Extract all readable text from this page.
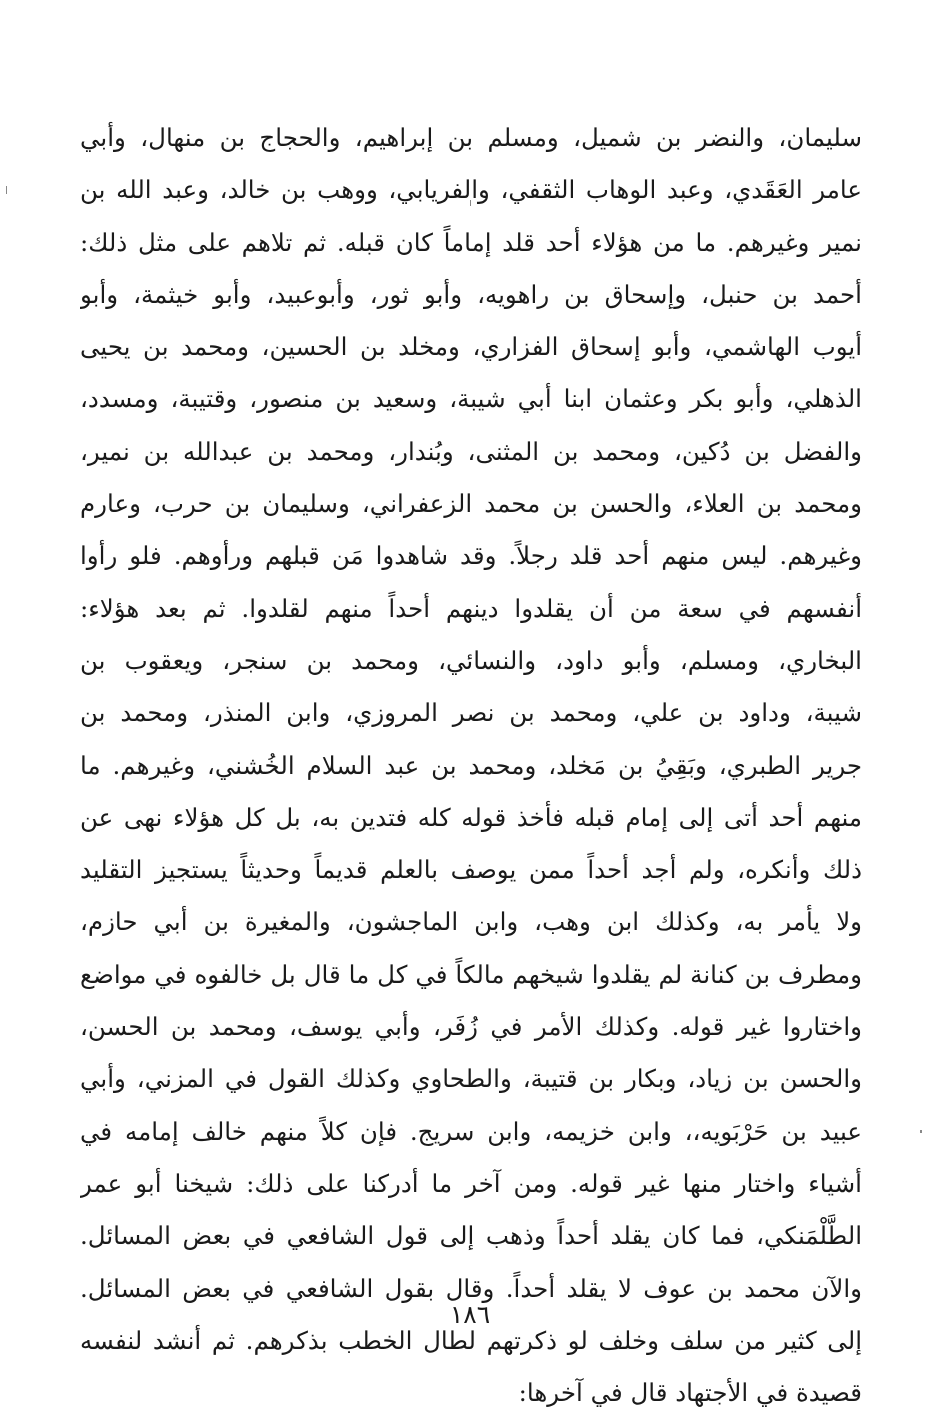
سليمان، والنضر بن شميل، ومسلم بن إبراهيم، والحجاج بن منهال، وأبي
عامر العَقَدي، وعبد الوهاب الثقفي، والفريابي، ووهب بن خالد، وعبد الله بن
نمير وغيرهم. ما من هؤلاء أحد قلد إماماً كان قبله. ثم تلاهم على مثل ذلك:
أحمد بن حنبل، وإسحاق بن راهويه، وأبو ثور، وأبوعبيد، وأبو خيثمة، وأبو
أيوب الهاشمي، وأبو إسحاق الفزاري، ومخلد بن الحسين، ومحمد بن يحيى
الذهلي، وأبو بكر وعثمان ابنا أبي شيبة، وسعيد بن منصور، وقتيبة، ومسدد،
والفضل بن دُكين، ومحمد بن المثنى، وبُندار، ومحمد بن عبدالله بن نمير،
ومحمد بن العلاء، والحسن بن محمد الزعفراني، وسليمان بن حرب، وعارم
وغيرهم. ليس منهم أحد قلد رجلاً. وقد شاهدوا مَن قبلهم ورأوهم. فلو رأوا
أنفسهم في سعة من أن يقلدوا دينهم أحداً منهم لقلدوا. ثم بعد هؤلاء:
البخاري، ومسلم، وأبو داود، والنسائي، ومحمد بن سنجر، ويعقوب بن
شيبة، وداود بن علي، ومحمد بن نصر المروزي، وابن المنذر، ومحمد بن
جرير الطبري، وبَقِيُ بن مَخلد، ومحمد بن عبد السلام الخُشني، وغيرهم. ما
منهم أحد أتى إلى إمام قبله فأخذ قوله كله فتدين به، بل كل هؤلاء نهى عن
ذلك وأنكره، ولم أجد أحداً ممن يوصف بالعلم قديماً وحديثاً يستجيز التقليد
ولا يأمر به، وكذلك ابن وهب، وابن الماجشون، والمغيرة بن أبي حازم،
ومطرف بن كنانة لم يقلدوا شيخهم مالكاً في كل ما قال بل خالفوه في مواضع
واختاروا غير قوله. وكذلك الأمر في زُفَر، وأبي يوسف، ومحمد بن الحسن،
والحسن بن زياد، وبكار بن قتيبة، والطحاوي وكذلك القول في المزني، وأبي
عبيد بن حَرْبَويه،، وابن خزيمه، وابن سريج. فإن كلاً منهم خالف إمامه في
أشياء واختار منها غير قوله. ومن آخر ما أدركنا على ذلك: شيخنا أبو عمر
الطَّلْمَنكي، فما كان يقلد أحداً وذهب إلى قول الشافعي في بعض المسائل.
والآن محمد بن عوف لا يقلد أحداً. وقال بقول الشافعي في بعض المسائل.
إلى كثير من سلف وخلف لو ذكرتهم لطال الخطب بذكرهم. ثم أنشد لنفسه
قصيدة في الأجتهاد قال في آخرها:
١٨٦
